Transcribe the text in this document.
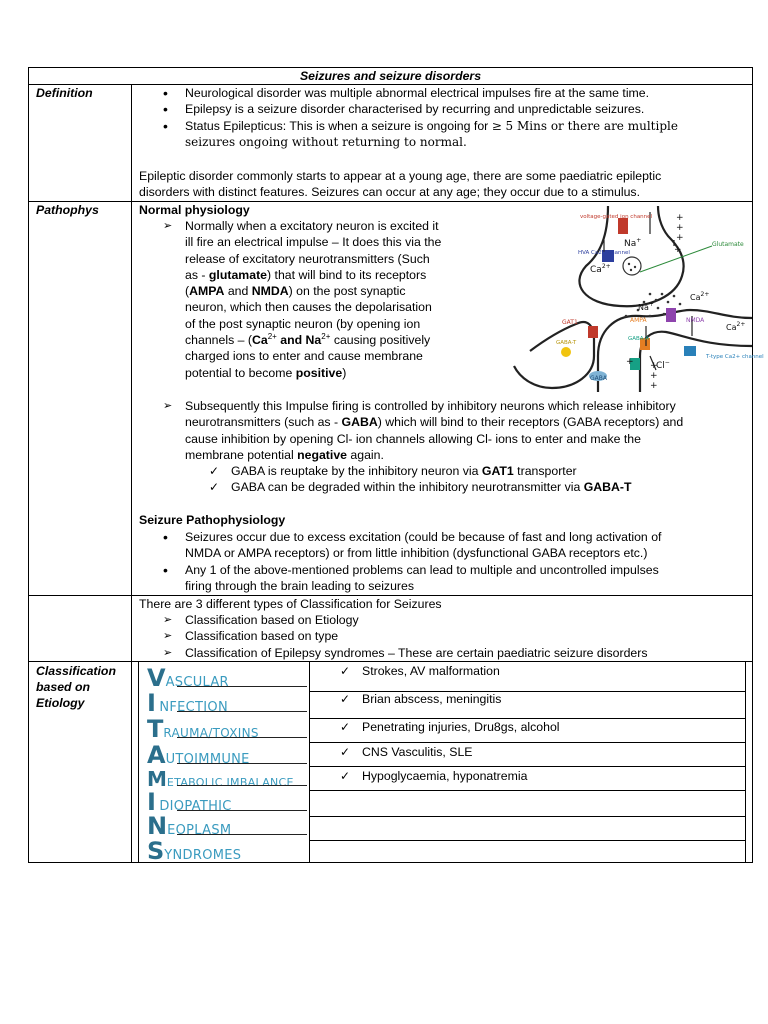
Seizures and seizure disorders
Definition
•	Neurological disorder was multiple abnormal electrical impulses fire at the same time.
• Epilepsy is a seizure disorder characterised by recurring and unpredictable seizures.
• Status Epilepticus: This is when a seizure is ongoing for ≥ 5 Mins or there are multiple
seizures ongoing without returning to normal.
Epileptic disorder commonly starts to appear at a young age, there are some paediatric epileptic
disorders with distinct features. Seizures can occur at any age; they occur due to a stimulus.
Pathophys	Normal physiology
➢ Normally when a excitatory neuron is excited it
ill fire an electrical impulse – It does this via the
release of excitatory neurotransmitters (Such
as - glutamate) that will bind to its receptors
(AMPA and NMDA) on the post synaptic
neuron, which then causes the depolarisation
of the post synaptic neuron (by opening ion
channels – ($Ca^{2+}$ and $Na^{2+}$ causing positively
charged ions to enter and cause membrane
potential to become positive)
+
+
+
+
+ +
+
+
voltage-gated ion channel
Na+
HVA Ca2+ channel
$Ca^{2+}$
Glutamate
Na+
$Ca^{2+}$
$Ca^{2+}$
GAT1	AMPA	NMDA
GABA-A
GABA-T
GABA
Cl−
T-type Ca2+ channel
➢ Subsequently this Impulse firing is controlled by inhibitory neurons which release inhibitory
neurotransmitters (such as - GABA) which will bind to their receptors (GABA receptors) and
cause inhibition by opening Cl- ion channels allowing Cl- ions to enter and make the
membrane potential negative again.
✓ GABA is reuptake by the inhibitory neuron via GAT1 transporter
✓ GABA can be degraded within the inhibitory neurotransmitter via GABA-T
Seizure Pathophysiology
• Seizures occur due to excess excitation (could be because of fast and long activation of
NMDA or AMPA receptors) or from little inhibition (dysfunctional GABA receptors etc.)
• Any 1 of the above-mentioned problems can lead to multiple and uncontrolled impulses
firing through the brain leading to seizures
There are 3 different types of Classification for Seizures
➢ Classification based on Etiology
➢ Classification based on type
➢ Classification of Epilepsy syndromes – These are certain paediatric seizure disorders
Classification
based on
Etiology
VASCULAR
I NFECTION
TRAUMA/TOXINS
AUTOIMMUNE
METABOLIC IMBALANCE
I DIOPATHIC
NEOPLASM
SYNDROMES
✓ Strokes, AV malformation
✓ Brian abscess, meningitis
✓ Penetrating injuries, Dru8gs, alcohol
✓ CNS Vasculitis, SLE
✓ Hypoglycaemia, hyponatremia
